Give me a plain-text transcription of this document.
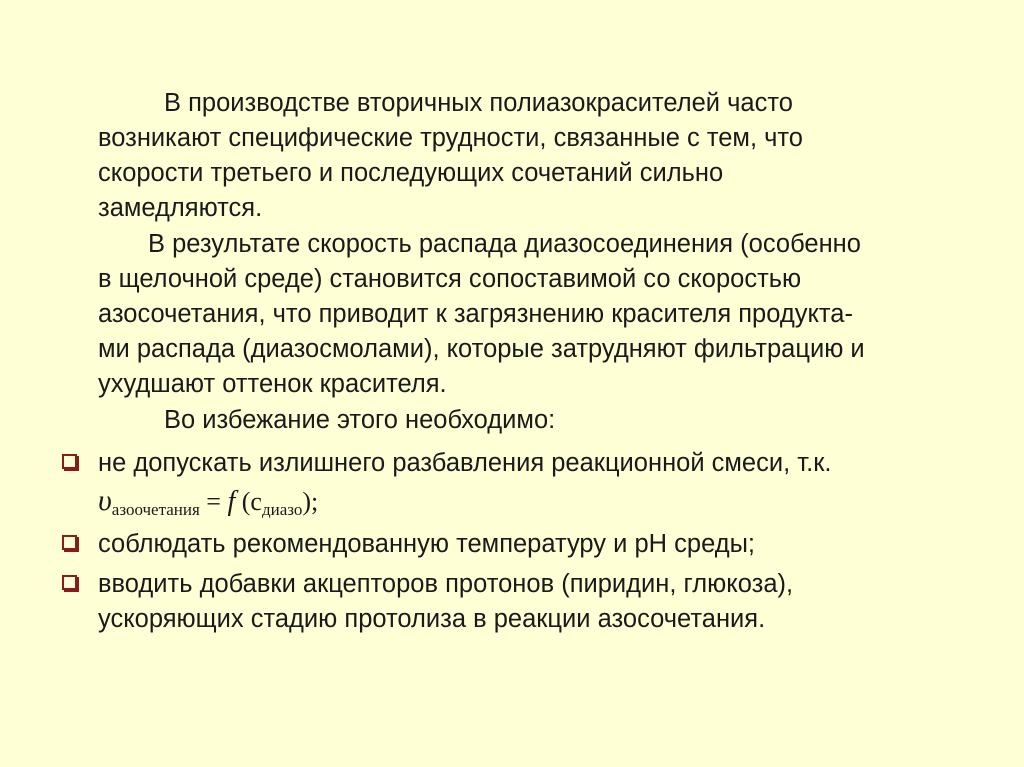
В производстве вторичных полиазокрасителей часто
возникают специфические трудности, связанные с тем, что
скорости третьего и последующих сочетаний сильно
замедляются.

В результате скорость распада диазосоединения (особенно
в щелочной среде) становится сопоставимой со скоростью
азосочетания, что приводит к загрязнению красителя продукта-
ми распада (диазосмолами), которые затрудняют фильтрацию и
ухудшают оттенок красителя.

Во избежание этого необходимо:

не допускать излишнего разбавления реакционной смеси, т.к.
$\upsilon_{азоочетания} = f$ $(c_{диазо})$;
соблюдать рекомендованную температуру и рН среды;
вводить добавки акцепторов протонов (пиридин, глюкоза),
ускоряющих стадию протолиза в реакции азосочетания.
